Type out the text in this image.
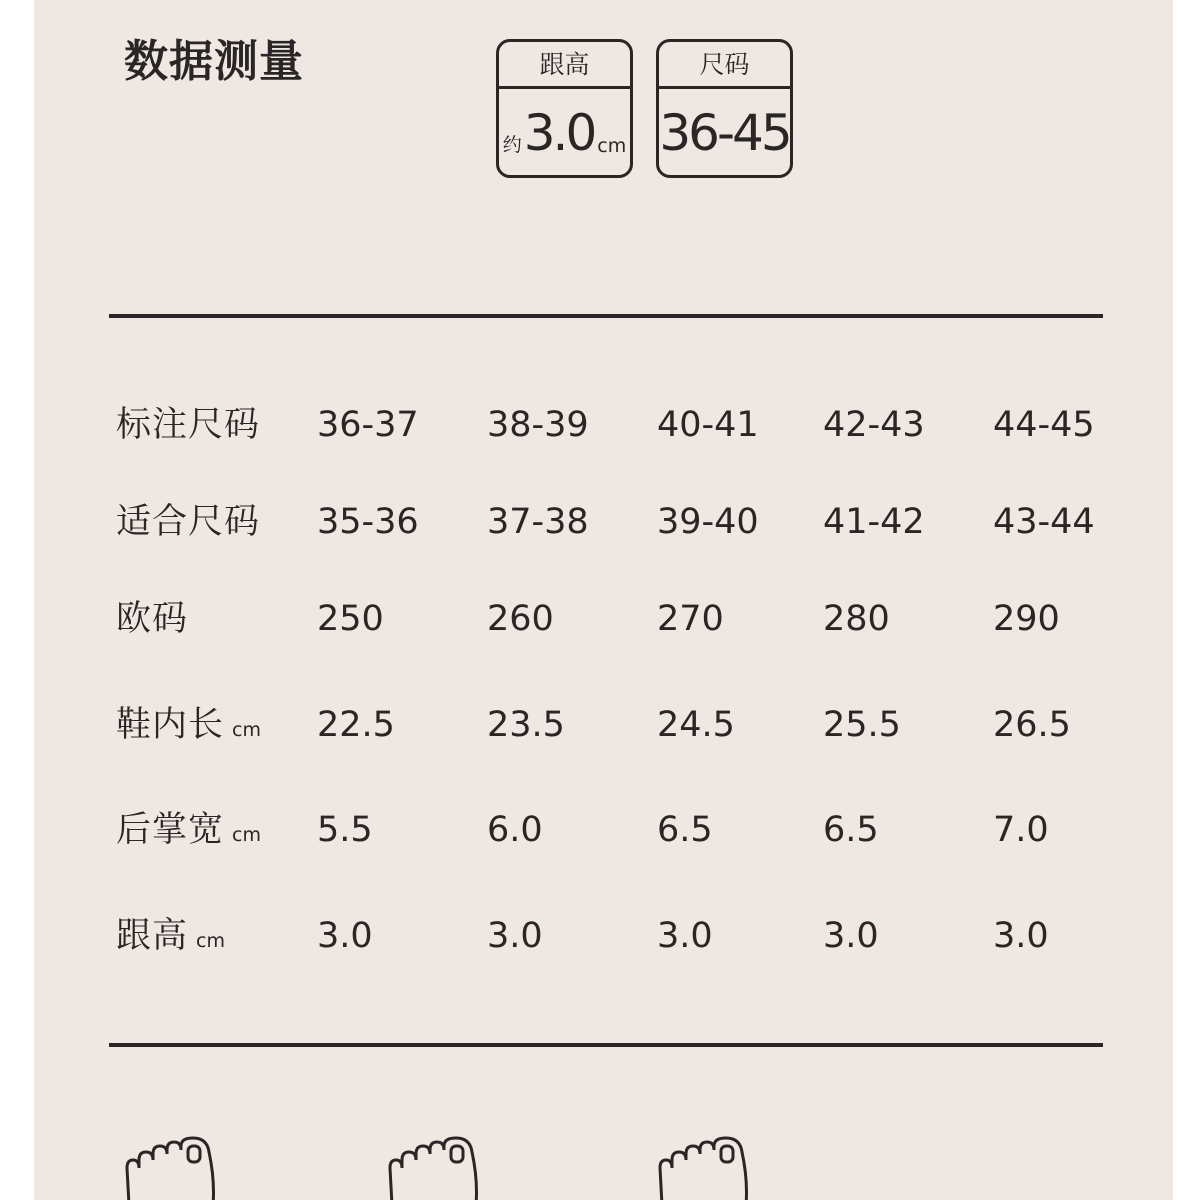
数据测量	跟高
约 3.0 cm
尺码
36-45
标注尺码 36-37 38-39 40-41 42-43 44-45
适合尺码 35-36 37-38 39-40 41-42 43-44
欧码	250	260	270	280	290
鞋内长 cm 22.5	23.5	24.5	25.5	26.5
后掌宽 cm 5.5	6.0	6.5	6.5	7.0
跟高 cm	3.0	3.0	3.0	3.0	3.0
